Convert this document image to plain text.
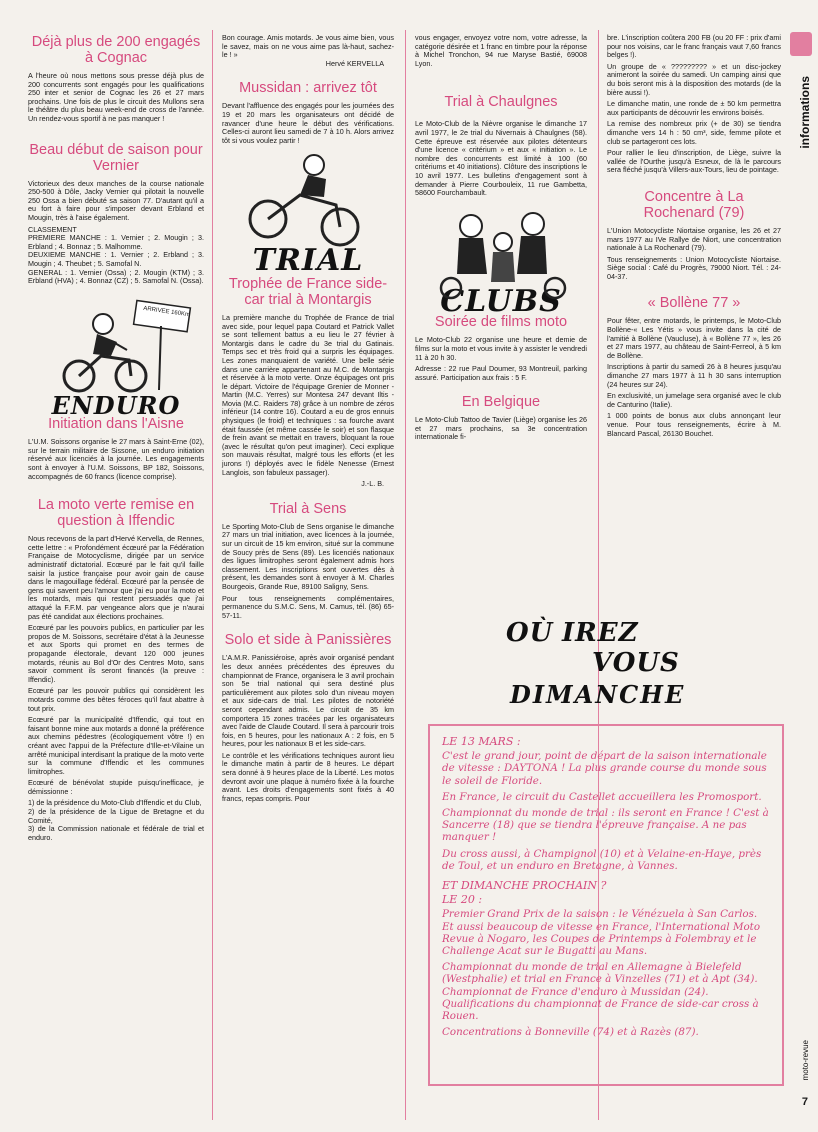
informations
moto-revue
7
Déjà plus de 200 engagés à Cognac

A l'heure où nous mettons sous presse déjà plus de 200 concurrents sont engagés pour les qualifications 250 inter et senior de Cognac les 26 et 27 mars prochains. Une fois de plus le circuit des Mullons sera le théâtre du plus beau week-end de cross de l'année. Un rendez-vous sportif à ne pas manquer !

Beau début de saison pour Vernier

Victorieux des deux manches de la course nationale 250-500 à Dôle, Jacky Vernier qui pilotait la nouvelle 250 Ossa a bien débuté sa saison 77. D'autant qu'il a eu fort à faire pour s'imposer devant Erbland et Mougin, très à l'aise également.

CLASSEMENT

PREMIERE MANCHE : 1. Vernier ; 2. Mougin ; 3. Erbland ; 4. Bonnaz ; 5. Malhomme.

DEUXIEME MANCHE : 1. Vernier ; 2. Erbland ; 3. Mougin ; 4. Theubet ; 5. Samofal N.

GENERAL : 1. Vernier (Ossa) ; 2. Mougin (KTM) ; 3. Erbland (HVA) ; 4. Bonnaz (CZ) ; 5. Samofal N. (Ossa).

ARRIVEE 160Km
ENDURO
Initiation dans l'Aisne

L'U.M. Soissons organise le 27 mars à Saint-Erne (02), sur le terrain militaire de Sissone, un enduro initiation réservé aux licenciés à la journée. Les engagements sont à envoyer à l'U.M. Soissons, BP 182, Soissons, accompagnés de 60 francs (licence comprise).

La moto verte remise en question à Iffendic

Nous recevons de la part d'Hervé Kervella, de Rennes, cette lettre : « Profondément écœuré par la Fédération Française de Motocyclisme, dirigée par un service administratif dictatorial. Ecœuré par le fait qu'il faille saisir la justice française pour avoir gain de cause dans le magouillage fédéral. Ecœuré par la pensée de gens qui savent peu l'amour que j'ai eu pour la moto et les motards, mais qui restent persuadés que j'ai attaqué la F.F.M. par vengeance alors que je n'aurai pas été candidat aux élections prochaines.

Ecœuré par les pouvoirs publics, en particulier par les propos de M. Soissons, secrétaire d'état à la Jeunesse et aux Sports qui promet en des termes de propagande électorale, devant 120 000 jeunes motards, réunis au Bol d'Or des Centres Moto, sans savoir comment ils seront financés (la preuve : Iffendic).

Ecœuré par les pouvoir publics qui considèrent les motards comme des bêtes féroces qu'il faut abattre à tout prix.

Ecœuré par la municipalité d'Iffendic, qui tout en faisant bonne mine aux motards a donné la préférence aux chemins pédestres (écologiquement vôtre !) en créant avec l'appui de la Préfecture d'Ille-et-Vilaine un arrêté municipal interdisant la pratique de la moto verte sur la commune d'Iffendic et les communes limitrophes.

Ecœuré de bénévolat stupide puisqu'inefficace, je démissionne :

1) de la présidence du Moto-Club d'Iffendic et du Club,

2) de la présidence de la Ligue de Bretagne et du Comité,

3) de la Commission nationale et fédérale de trial et enduro.

Bon courage. Amis motards. Je vous aime bien, vous le savez, mais on ne vous aime pas là-haut, sachez-le ! »

Hervé KERVELLA

Mussidan : arrivez tôt

Devant l'affluence des engagés pour les journées des 19 et 20 mars les organisateurs ont décidé de ravancer d'une heure le début des vérifications. Celles-ci auront lieu samedi de 7 à 10 h. Alors arrivez tôt si vous voulez partir !

TRIAL
Trophée de France side-car trial à Montargis

La première manche du Trophée de France de trial avec side, pour lequel papa Coutard et Patrick Vallet se sont tellement battus a eu lieu le 27 février à Montargis dans le cadre du 3e trial du Gatinais. Temps sec et très froid qui a surpris les équipages. Les zones manquaient de variété. Une belle série dans une carrière appartenant au M.C. de Montargis et réservée à la moto verte. Onze équipages ont pris le départ. Victoire de l'équipage Grenier de Monner - Martin (M.C. Yerres) sur Montesa 247 devant Iltis - Movia (M.C. Raiders 78) grâce à un nombre de zéros inférieur (14 contre 16). Coutard a eu de gros ennuis physiques (le froid) et techniques : sa fourche avant était faussée (et même cassée le soir) et son flasque de frein avant se mettait en travers, bloquant la roue (avec le résultat qu'on peut imaginer). Ceci explique son mauvais résultat, malgré tous les efforts (et les jurons !) déployés avec le fidèle Nenesse (Ernest Langlois, son fabuleux passager).

J.-L. B.

Trial à Sens

Le Sporting Moto-Club de Sens organise le dimanche 27 mars un trial initiation, avec licences à la journée, sur un circuit de 15 km environ, situé sur la commune de Soucy près de Sens (89). Les licenciés nationaux des ligues limitrophes seront également admis hors classement. Les inscriptions sont ouvertes dès à présent, les demandes sont à envoyer à M. Charles Bourgeois, Grande Rue, 89100 Saligny, Sens.

Pour tous renseignements complémentaires, permanence du S.M.C. Sens, M. Camus, tél. (86) 65-57-11.

Solo et side à Panissières

L'A.M.R. Panissiéroise, après avoir organisé pendant les deux années précédentes des épreuves du championnat de France, organisera le 3 avril prochain son 5e trial national qui sera destiné plus particulièrement aux pilotes solo d'un niveau moyen et aux side-cars de trial. Les pilotes de notoriété seront cependant admis. Le circuit de 35 km comportera 15 zones tracées par les organisateurs avec l'aide de Claude Coutard. Il sera à parcourir trois fois, en 5 heures, pour les nationaux A : 2 fois, en 5 heures, pour les nationaux B et les side-cars.

Le contrôle et les vérifications techniques auront lieu le dimanche matin à partir de 8 heures. Le départ sera donné à 9 heures place de la Liberté. Les motos devront avoir une plaque à numéro fixée à la fourche avant. Les droits d'engagements sont fixés à 40 francs, repas compris. Pour

vous engager, envoyez votre nom, votre adresse, la catégorie désirée et 1 franc en timbre pour la réponse à Michel Tronchon, 94 rue Maryse Bastié, 69008 Lyon.

Trial à Chaulgnes

Le Moto-Club de la Nièvre organise le dimanche 17 avril 1977, le 2e trial du Nivernais à Chaulgnes (58). Cette épreuve est réservée aux pilotes détenteurs d'une licence « critérium » et aux « initiation ». Le nombre des concurrents est limité à 100 (60 critériums et 40 initiations). Clôture des inscriptions le 10 avril 1977. Les bulletins d'engagement sont à demander à Pierre Courbouleix, 11 rue Gambetta, 58600 Fourchambault.

CLUBS
Soirée de films moto

Le Moto-Club 22 organise une heure et demie de films sur la moto et vous invite à y assister le vendredi 11 à 20 h 30.

Adresse : 22 rue Paul Doumer, 93 Montreuil, parking assuré. Participation aux frais : 5 F.

En Belgique

Le Moto-Club Tattoo de Tavier (Liège) organise les 26 et 27 mars prochains, sa 3e concentration internationale fi-

bre. L'inscription coûtera 200 FB (ou 20 FF : prix d'ami pour nos voisins, car le franc français vaut 7,60 francs belges !).

Un groupe de « ????????? » et un disc-jockey animeront la soirée du samedi. Un camping ainsi que du bois seront mis à la disposition des motards (de la bière aussi !).

Le dimanche matin, une ronde de ± 50 km permettra aux participants de découvrir les environs boisés.

La remise des nombreux prix (+ de 30) se tiendra dimanche vers 14 h : 50 cm³, side, femme pilote et club se partageront ces lots.

Pour rallier le lieu d'inscription, de Liège, suivre la vallée de l'Ourthe jusqu'à Esneux, de là le parcours sera fléché jusqu'à Villers-aux-Tours, lieu de pointage.

Concentre à La Rochenard (79)

L'Union Motocycliste Niortaise organise, les 26 et 27 mars 1977 au IVe Rallye de Niort, une concentration nationale à La Rochenard (79).

Tous renseignements : Union Motocycliste Niortaise. Siège social : Café du Progrès, 79000 Niort. Tél. : 24-04-37.

« Bollène 77 »

Pour fêter, entre motards, le printemps, le Moto-Club Bollène-« Les Yétis » vous invite dans la cité de l'amitié à Bollène (Vaucluse), à « Bollène 77 », les 26 et 27 mars 1977, au château de Saint-Ferreol, à 5 km de Bollène.

Inscriptions à partir du samedi 26 à 8 heures jusqu'au dimanche 27 mars 1977 à 11 h 30 sans interruption (24 heures sur 24).

En exclusivité, un jumelage sera organisé avec le club de Canturino (Italie).

1 000 points de bonus aux clubs annonçant leur venue. Pour tous renseignements, écrire à M. Blancard Pascal, 26130 Bouchet.

OÙ IREZ
VOUS
DIMANCHE
LE 13 MARS :

C'est le grand jour, point de départ de la saison internationale de vitesse : DAYTONA ! La plus grande course du monde sous le soleil de Floride.

En France, le circuit du Castellet accueillera les Promosport.

Championnat du monde de trial : ils seront en France ! C'est à Sancerre (18) que se tiendra l'épreuve française. A ne pas manquer !

Du cross aussi, à Champignol (10) et à Velaine-en-Haye, près de Toul, et un enduro en Bretagne, à Vannes.

ET DIMANCHE PROCHAIN ?
LE 20 :

Premier Grand Prix de la saison : le Vénézuela à San Carlos. Et aussi beaucoup de vitesse en France, l'International Moto Revue à Nogaro, les Coupes de Printemps à Folembray et le Challenge Acat sur le Bugatti au Mans.

Championnat du monde de trial en Allemagne à Bielefeld (Westphalie) et trial en France à Vinzelles (71) et à Apt (34). Championnat de France d'enduro à Mussidan (24). Qualifications du championnat de France de side-car cross à Rouen.

Concentrations à Bonneville (74) et à Razès (87).
